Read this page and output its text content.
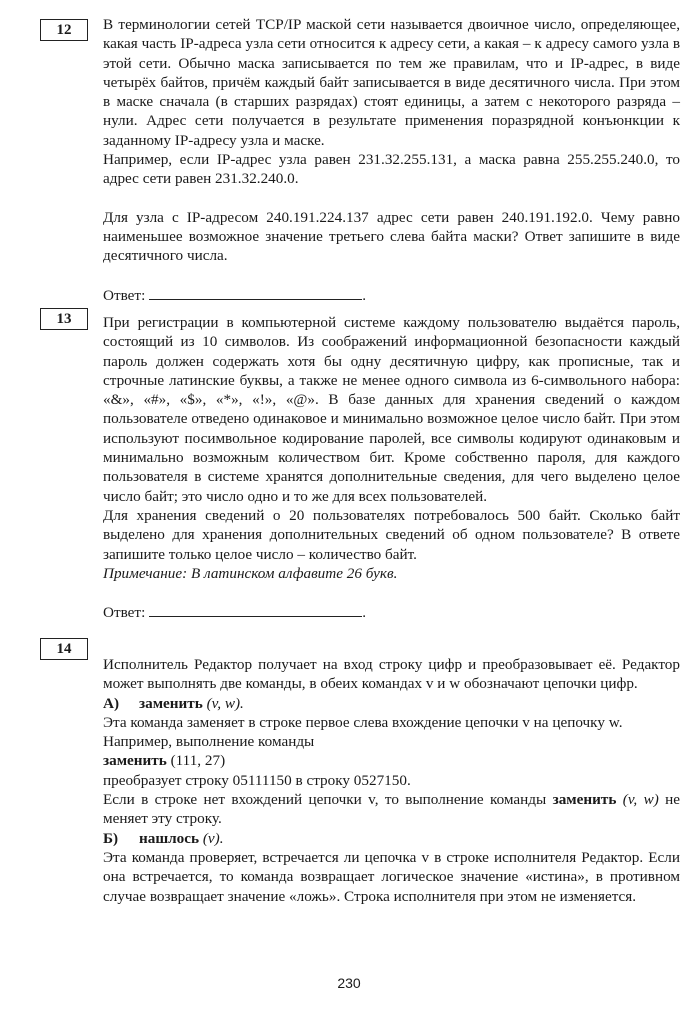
12	В терминологии сетей TCP/IP маской сети называется двоичное число, определяющее, какая часть IP-адреса узла сети относится к адресу сети, а какая – к адресу самого узла в этой сети. Обычно маска записывается по тем же правилам, что и IP-адрес, в виде четырёх байтов, причём каждый байт записывается в виде десятичного числа. При этом в маске сначала (в старших разрядах) стоят единицы, а затем с некоторого разряда – нули. Адрес сети получается в результате применения поразрядной конъюнкции к заданному IP-адресу узла и маске.

Например, если IP-адрес узла равен 231.32.255.131, а маска равна 255.255.240.0, то адрес сети равен 231.32.240.0.

Для узла с IP-адресом 240.191.224.137 адрес сети равен 240.191.192.0. Чему равно наименьшее возможное значение третьего слева байта маски? Ответ запишите в виде десятичного числа.

Ответ:	.

13	При регистрации в компьютерной системе каждому пользователю выдаётся пароль, состоящий из 10 символов. Из соображений информационной безопасности каждый пароль должен содержать хотя бы одну десятичную цифру, как прописные, так и строчные латинские буквы, а также не менее одного символа из 6-символьного набора: «&», «#», «$», «*», «!», «@». В базе данных для хранения сведений о каждом пользователе отведено одинаковое и минимально возможное целое число байт. При этом используют посимвольное кодирование паролей, все символы кодируют одинаковым и минимально возможным количеством бит. Кроме собственно пароля, для каждого пользователя в системе хранятся дополнительные сведения, для чего выделено целое число байт; это число одно и то же для всех пользователей.

Для хранения сведений о 20 пользователях потребовалось 500 байт. Сколько байт выделено для хранения дополнительных сведений об одном пользователе? В ответе запишите только целое число – количество байт.

Примечание: В латинском алфавите 26 букв.

Ответ:	.

14

Исполнитель Редактор получает на вход строку цифр и преобразовывает её. Редактор может выполнять две команды, в обеих командах v и w обозначают цепочки цифр.

А) заменить (v, w).

Эта команда заменяет в строке первое слева вхождение цепочки v на цепочку w.

Например, выполнение команды

заменить (111, 27)

преобразует строку 05111150 в строку 0527150.

Если в строке нет вхождений цепочки v, то выполнение команды заменить (v, w) не меняет эту строку.

Б) нашлось (v).

Эта команда проверяет, встречается ли цепочка v в строке исполнителя Редактор. Если она встречается, то команда возвращает логическое значение «истина», в противном случае возвращает значение «ложь». Строка исполнителя при этом не изменяется.

230
